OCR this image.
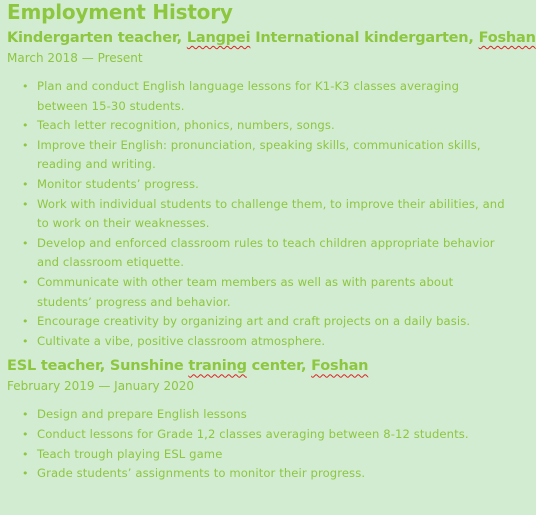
Employment History
Kindergarten teacher, Langpei International kindergarten, Foshan
March 2018 — Present
• Plan and conduct English language lessons for K1-K3 classes averaging between 15-30 students.
• Teach letter recognition, phonics, numbers, songs.
• Improve their English: pronunciation, speaking skills, communication skills, reading and writing.
• Monitor students’ progress.
• Work with individual students to challenge them, to improve their abilities, and to work on their weaknesses.
• Develop and enforced classroom rules to teach children appropriate behavior and classroom etiquette.
• Communicate with other team members as well as with parents about students’ progress and behavior.
• Encourage creativity by organizing art and craft projects on a daily basis.
• Cultivate a vibe, positive classroom atmosphere.
ESL teacher, Sunshine traning center, Foshan
February 2019 — January 2020
• Design and prepare English lessons
• Conduct lessons for Grade 1,2 classes averaging between 8-12 students.
• Teach trough playing ESL game
• Grade students’ assignments to monitor their progress.
